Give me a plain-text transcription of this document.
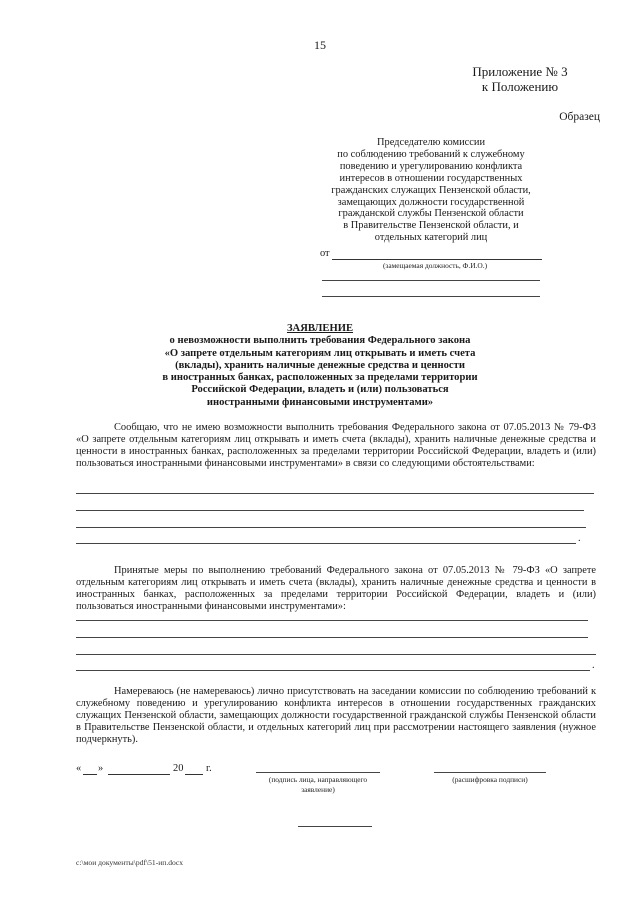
15
Приложение № 3
к Положению
Образец
Председателю комиссии
по соблюдению требований к служебному
поведению и урегулированию конфликта
интересов в отношении государственных
гражданских служащих Пензенской области,
замещающих должности государственной
гражданской службы Пензенской области
в Правительстве Пензенской области, и
отдельных категорий лиц
от
(замещаемая должность, Ф.И.О.)
ЗАЯВЛЕНИЕ
о невозможности выполнить требования Федерального закона
«О запрете отдельным категориям лиц открывать и иметь счета
(вклады), хранить наличные денежные средства и ценности
в иностранных банках, расположенных за пределами территории
Российской Федерации, владеть и (или) пользоваться
иностранными финансовыми инструментами»
Сообщаю, что не имею возможности выполнить требования Федерального закона от 07.05.2013 № 79-ФЗ «О запрете отдельным категориям лиц открывать и иметь счета (вклады), хранить наличные денежные средства и ценности в иностранных банках, расположенных за пределами территории Российской Федерации, владеть и (или) пользоваться иностранными финансовыми инструментами» в связи со следующими обстоятельствами:
.
Принятые меры по выполнению требований Федерального закона от 07.05.2013 № 79-ФЗ «О запрете отдельным категориям лиц открывать и иметь счета (вклады), хранить наличные денежные средства и ценности в иностранных банках, расположенных за пределами территории Российской Федерации, владеть и (или) пользоваться иностранными финансовыми инструментами»:
.
Намереваюсь (не намереваюсь) лично присутствовать на заседании комиссии по соблюдению требований к служебному поведению и урегулированию конфликта интересов в отношении государственных гражданских служащих Пензенской области, замещающих должности государственной гражданской службы Пензенской области в Правительстве Пензенской области, и отдельных категорий лиц при рассмотрении настоящего заявления (нужное подчеркнуть).
« »	20 г.
(подпись лица, направляющего заявление)
(расшифровка подписи)
c:\мои документы\pdf\51-ип.docx
